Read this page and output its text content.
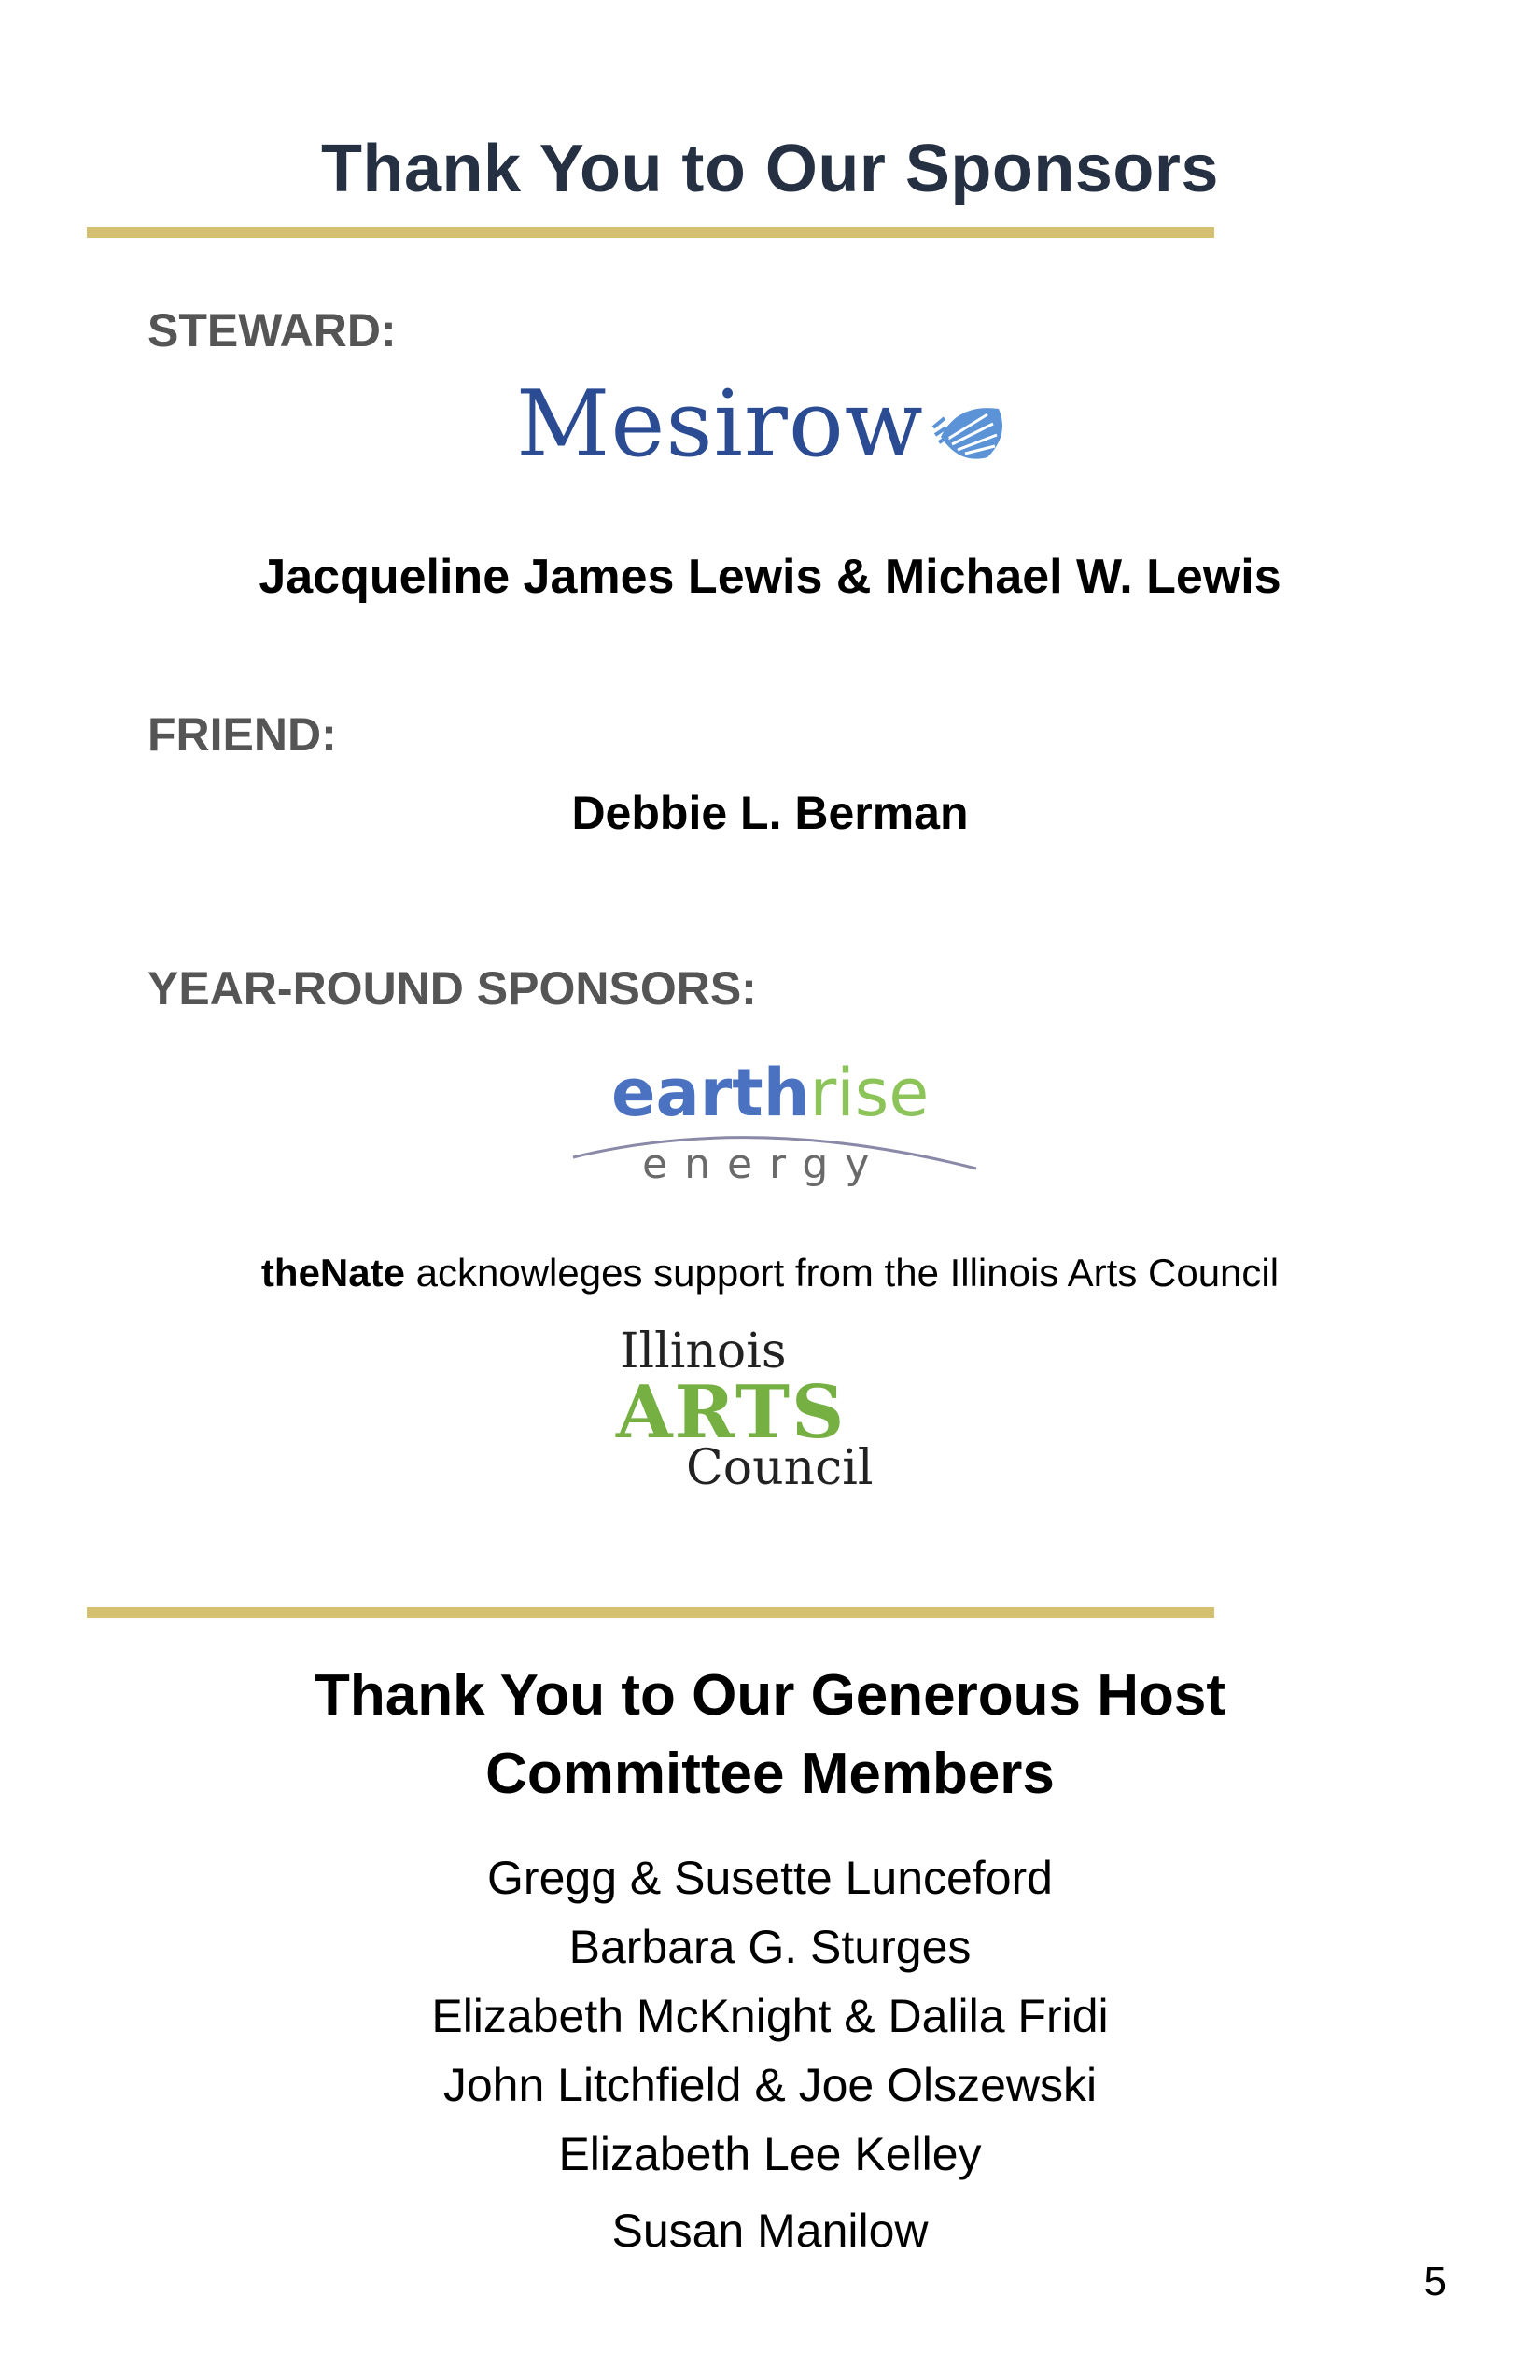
Thank You to Our Sponsors
STEWARD:
Mesirow
Jacqueline James Lewis & Michael W. Lewis
FRIEND:
Debbie L. Berman
YEAR-ROUND SPONSORS:
earthrise
energy
theNate acknowleges support from the Illinois Arts Council
Illinois
ARTS
Council
Thank You to Our Generous Host
Committee Members
Gregg & Susette Lunceford
Barbara G. Sturges
Elizabeth McKnight & Dalila Fridi
John Litchfield & Joe Olszewski
Elizabeth Lee Kelley
Susan Manilow
5
